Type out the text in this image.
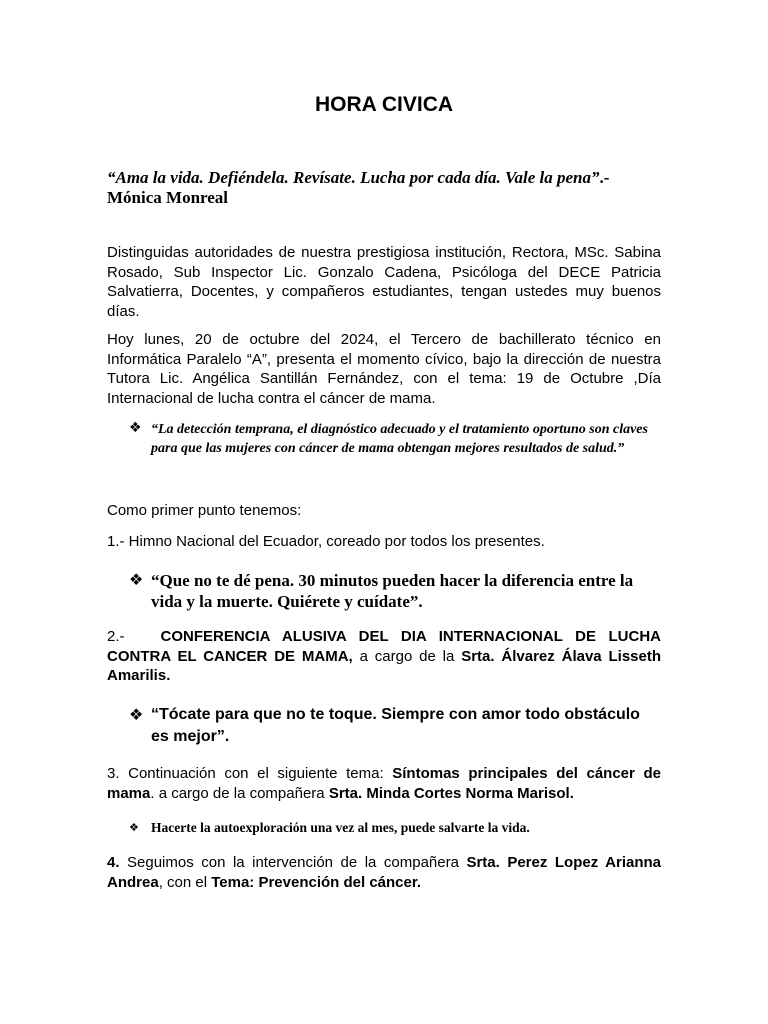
HORA CIVICA
“Ama la vida. Defiéndela. Revísate. Lucha por cada día. Vale la pena”.- Mónica Monreal
Distinguidas autoridades de nuestra prestigiosa institución, Rectora, MSc. Sabina
Rosado, Sub Inspector Lic. Gonzalo Cadena, Psicóloga del DECE Patricia
Salvatierra, Docentes, y compañeros estudiantes, tengan ustedes muy buenos
días.
Hoy lunes, 20 de octubre del 2024, el Tercero de bachillerato técnico en
Informática Paralelo “A”, presenta el momento cívico, bajo la dirección de nuestra
Tutora Lic. Angélica Santillán Fernández, con el tema: 19 de Octubre ,Día
Internacional de lucha contra el cáncer de mama.
❖ “La detección temprana, el diagnóstico adecuado y el tratamiento oportuno son claves para que las mujeres con cáncer de mama obtengan mejores resultados de salud.”
Como primer punto tenemos:
1.- Himno Nacional del Ecuador, coreado por todos los presentes.
❖ “Que no te dé pena. 30 minutos pueden hacer la diferencia entre la vida y la muerte. Quiérete y cuídate”.
2.- CONFERENCIA ALUSIVA DEL DIA INTERNACIONAL DE LUCHA
CONTRA EL CANCER DE MAMA, a cargo de la Srta. Álvarez Álava Lisseth
Amarilis.
❖ “Tócate para que no te toque. Siempre con amor todo obstáculo es mejor”.
3. Continuación con el siguiente tema: Síntomas principales del cáncer de
mama. a cargo de la compañera Srta. Minda Cortes Norma Marisol.
❖ Hacerte la autoexploración una vez al mes, puede salvarte la vida.
4. Seguimos con la intervención de la compañera Srta. Perez Lopez Arianna
Andrea, con el Tema: Prevención del cáncer.
